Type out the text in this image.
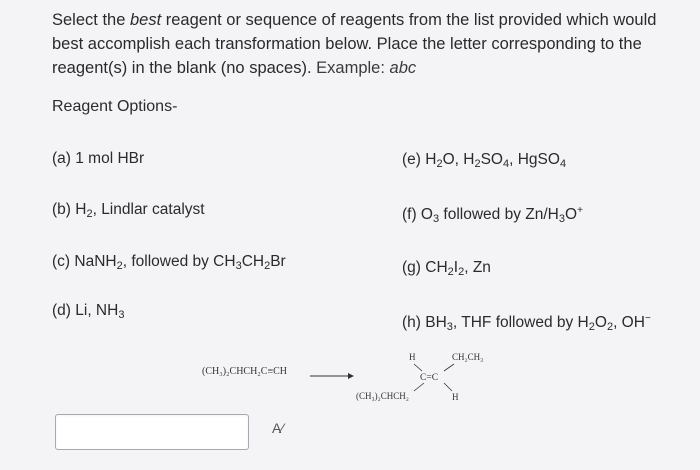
Select the best reagent or sequence of reagents from the list provided which would best accomplish each transformation below. Place the letter corresponding to the reagent(s) in the blank (no spaces). Example: abc
Reagent Options-
(a) 1 mol HBr
(b) $H_2$, Lindlar catalyst
(c) NaNH$_2$, followed by $CH_3CH_2Br$
(d) Li, $NH_3$
(e) $H_2O$, $H_2SO_4$, HgSO$_4$
(f) $O_3$ followed by $Zn/H_3O^+$
(g) $CH_2I_2$, Zn
(h) $BH_3$, THF followed by $H_2O_2$, OH−
(CH₃)₂CHCH₂C≡CH
H	CH₂CH₃
C=C
(CH₃)₂CHCH₂	H
A⁄
